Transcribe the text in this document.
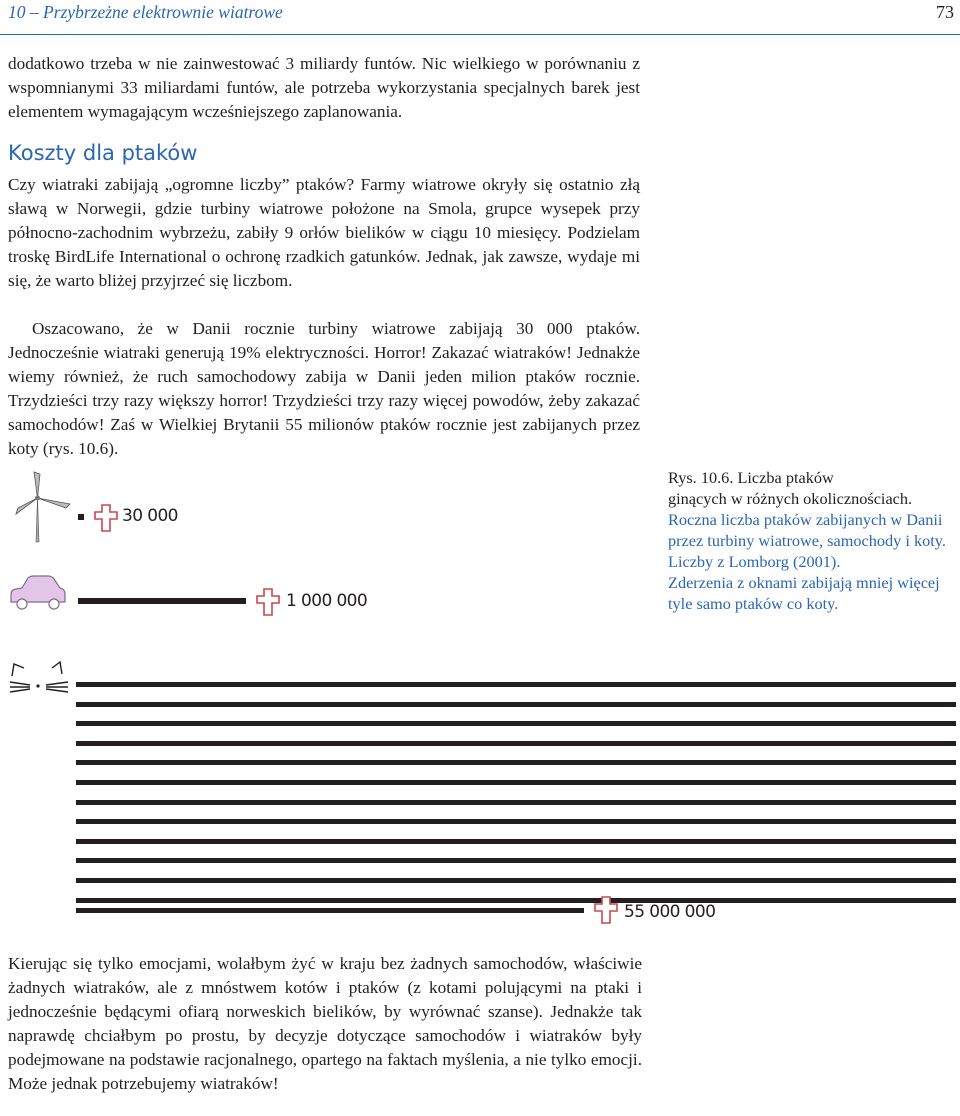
10 – Przybrzeżne elektrownie wiatrowe	73

dodatkowo trzeba w nie zainwestować 3 miliardy funtów. Nic wielkiego w porównaniu z wspomnianymi 33 miliardami funtów, ale potrzeba wykorzystania specjalnych barek jest elementem wymagającym wcześniejszego zaplanowania.

Koszty dla ptaków

Czy wiatraki zabijają „ogromne liczby” ptaków? Farmy wiatrowe okryły się ostatnio złą sławą w Norwegii, gdzie turbiny wiatrowe położone na Smola, grupce wysepek przy północno-zachodnim wybrzeżu, zabiły 9 orłów bielików w ciągu 10 miesięcy. Podzielam troskę BirdLife International o ochronę rzadkich gatunków. Jednak, jak zawsze, wydaje mi się, że warto bliżej przyjrzeć się liczbom.

Oszacowano, że w Danii rocznie turbiny wiatrowe zabijają 30 000 ptaków. Jednocześnie wiatraki generują 19% elektryczności. Horror! Zakazać wiatraków! Jednakże wiemy również, że ruch samochodowy zabija w Danii jeden milion ptaków rocznie. Trzydzieści trzy razy większy horror! Trzydzieści trzy razy więcej powodów, żeby zakazać samochodów! Zaś w Wielkiej Brytanii 55 milionów ptaków rocznie jest zabijanych przez koty (rys. 10.6).

Rys. 10.6. Liczba ptaków
ginących w różnych okolicznościach.
Roczna liczba ptaków zabijanych w Danii przez turbiny wiatrowe, samochody i koty. Liczby z Lomborg (2001).
Zderzenia z oknami zabijają mniej więcej tyle samo ptaków co koty.
30 000
1 000 000
55 000 000

Kierując się tylko emocjami, wolałbym żyć w kraju bez żadnych samochodów, właściwie żadnych wiatraków, ale z mnóstwem kotów i ptaków (z kotami polującymi na ptaki i jednocześnie będącymi ofiarą norweskich bielików, by wyrównać szanse). Jednakże tak naprawdę chciałbym po prostu, by decyzje dotyczące samochodów i wiatraków były podejmowane na podstawie racjonalnego, opartego na faktach myślenia, a nie tylko emocji. Może jednak potrzebujemy wiatraków!
